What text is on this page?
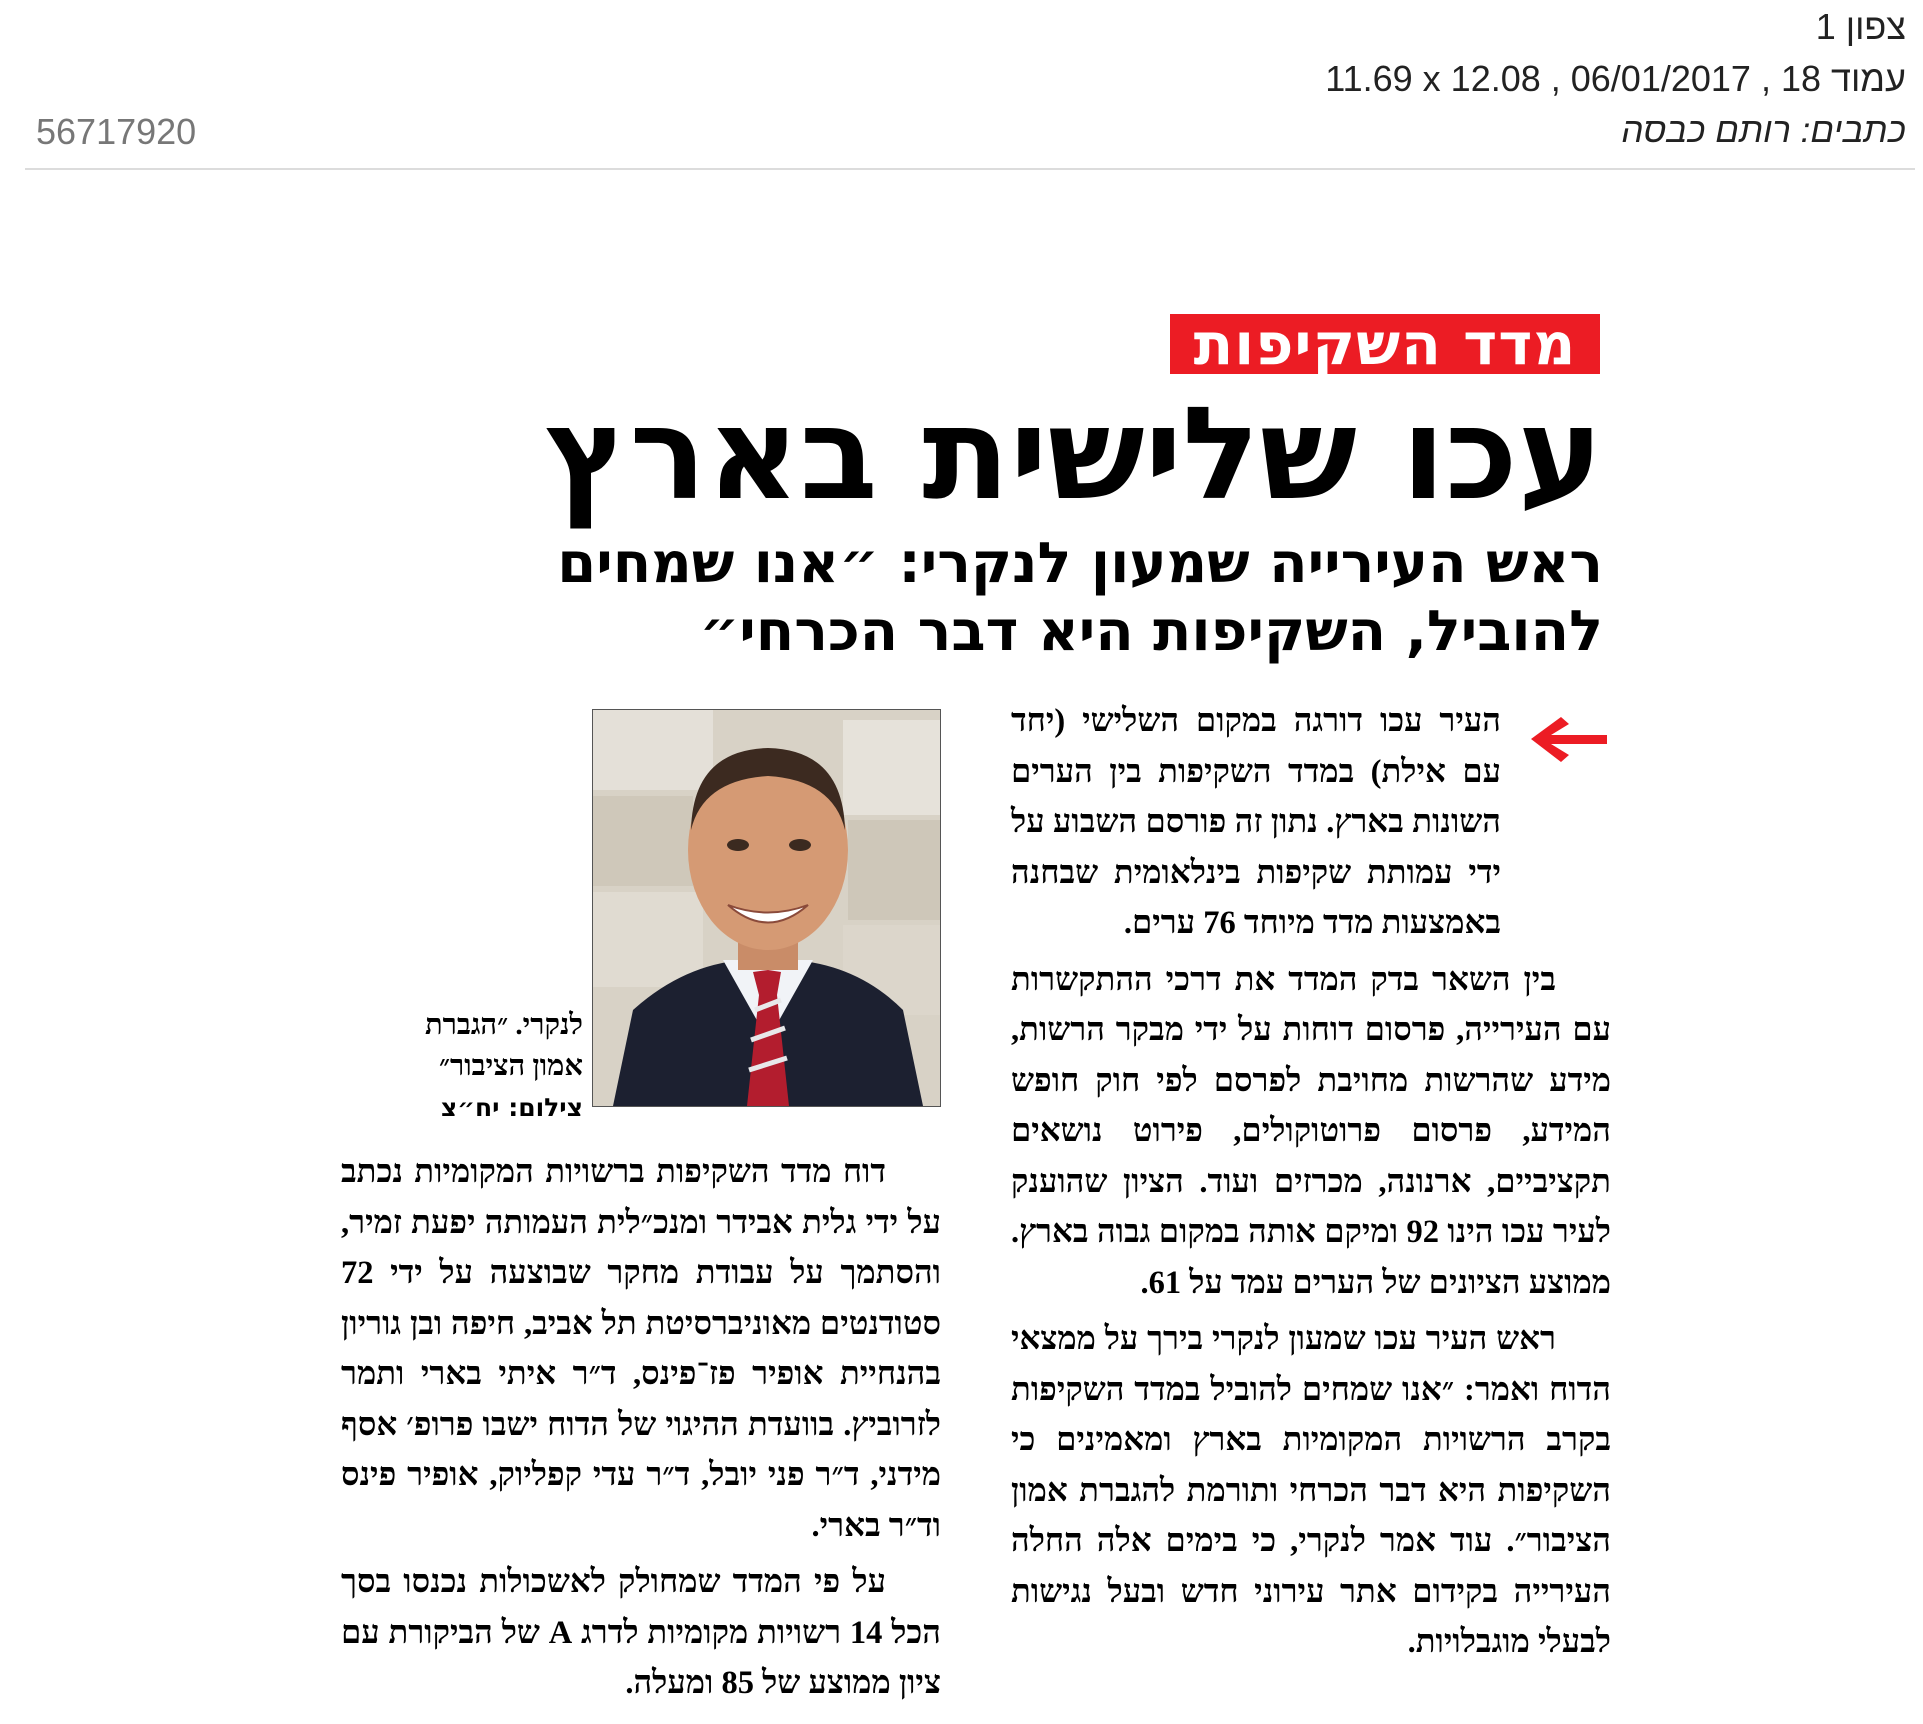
צפון 1
11.69 x 12.08 , 06/01/2017 , עמוד 18
כתבים: רותם כבסה
56717920
מדד השקיפות
עכו שלישית בארץ
ראש העירייה שמעון לנקרי: ״אנו שמחים
להוביל, השקיפות היא דבר הכרחי״

העיר עכו דורגה במקום השלישי (יחד עם אילת) במדד השקיפות בין הערים השונות בארץ. נתון זה פורסם השבוע על ידי עמותת שקיפות בינלאומית שבחנה באמצעות מדד מיוחד 76 ערים.

בין השאר בדק המדד את דרכי ההתקשרות עם העירייה, פרסום דוחות על ידי מבקר הרשות, מידע שהרשות מחויבת לפרסם לפי חוק חופש המידע, פרסום פרוטוקולים, פירוט נושאים תקציביים, ארנונה, מכרזים ועוד. הציון שהוענק לעיר עכו הינו 92 ומיקם אותה במקום גבוה בארץ. ממוצע הציונים של הערים עמד על 61.

ראש העיר עכו שמעון לנקרי בירך על ממצאי הדוח ואמר: ״אנו שמחים להוביל במדד השקיפות בקרב הרשויות המקומיות בארץ ומאמינים כי השקיפות היא דבר הכרחי ותורמת להגברת אמון הציבור״. עוד אמר לנקרי, כי בימים אלה החלה העירייה בקידום אתר עירוני חדש ובעל נגישות לבעלי מוגבלויות.

לנקרי. ״הגברת
אמון הציבור״
צילום: יח״צ

דוח מדד השקיפות ברשויות המקומיות נכתב על ידי גלית אבידר ומנכ״לית העמותה יפעת זמיר, והסתמך על עבודת מחקר שבוצעה על ידי 72 סטודנטים מאוניברסיטת תל אביב, חיפה ובן גוריון בהנחיית אופיר פז־פינס, ד״ר איתי בארי ותמר לזרוביץ. בוועדת ההיגוי של הדוח ישבו פרופ׳ אסף מידני, ד״ר פני יובל, ד״ר עדי קפליוק, אופיר פינס וד״ר בארי.

על פי המדד שמחולק לאשכולות נכנסו בסך הכל 14 רשויות מקומיות לדרג A של הביקורת עם ציון ממוצע של 85 ומעלה.
